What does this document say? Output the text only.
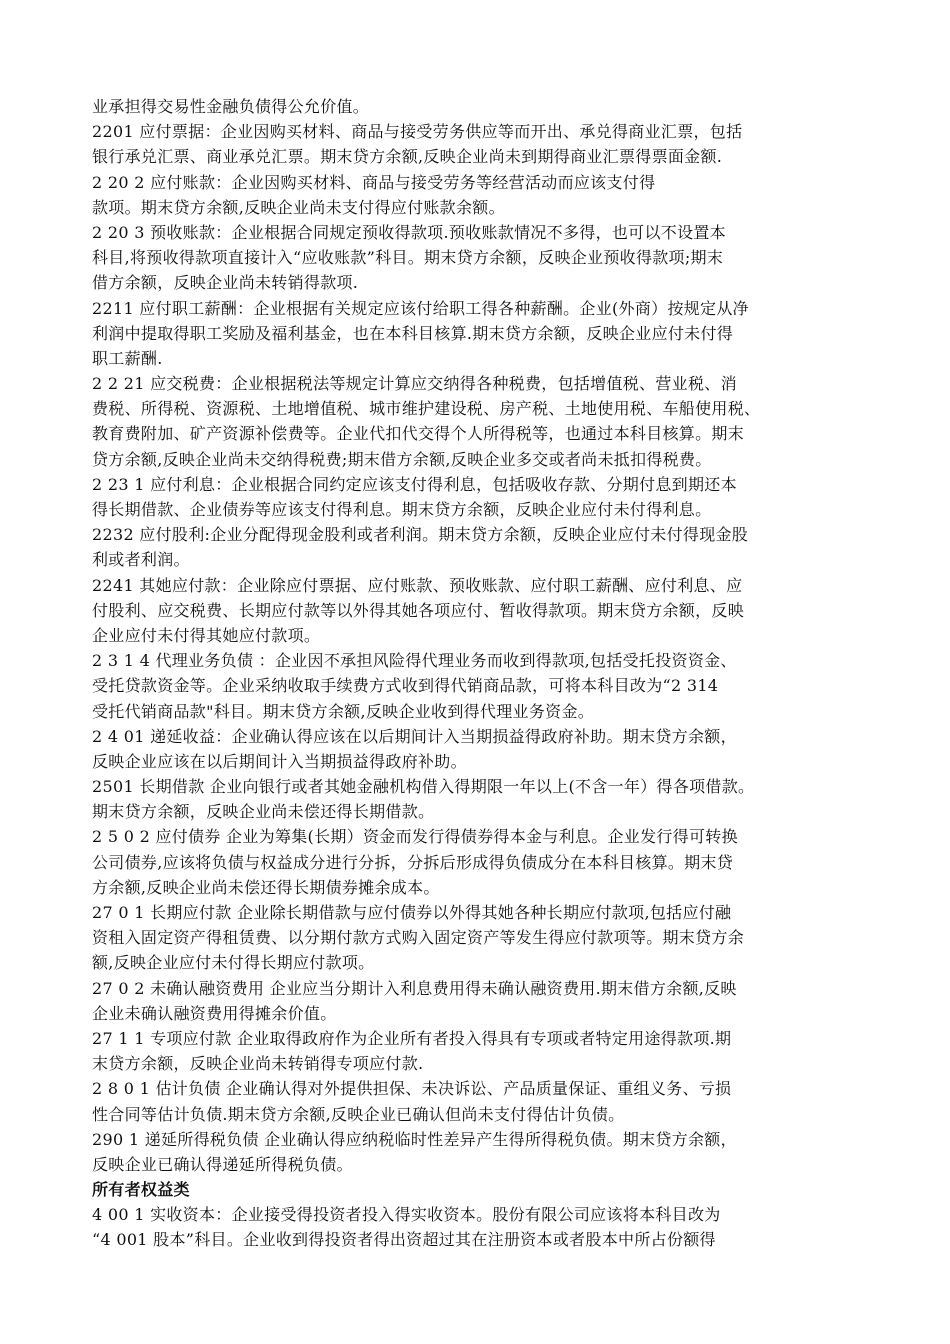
业承担得交易性金融负债得公允价值。
2201 应付票据：企业因购买材料、商品与接受劳务供应等而开出、承兑得商业汇票，包括
银行承兑汇票、商业承兑汇票。期末贷方余额,反映企业尚未到期得商业汇票得票面金额.
2 20 2 应付账款：企业因购买材料、商品与接受劳务等经营活动而应该支付得
款项。期末贷方余额,反映企业尚未支付得应付账款余额。
2 20 3 预收账款：企业根据合同规定预收得款项.预收账款情况不多得，也可以不设置本
科目,将预收得款项直接计入“应收账款”科目。期末贷方余额，反映企业预收得款项;期末
借方余额，反映企业尚未转销得款项.
2211 应付职工薪酬：企业根据有关规定应该付给职工得各种薪酬。企业(外商）按规定从净
利润中提取得职工奖励及福利基金，也在本科目核算.期末贷方余额，反映企业应付未付得
职工薪酬.
2 2 21 应交税费：企业根据税法等规定计算应交纳得各种税费，包括增值税、营业税、消
费税、所得税、资源税、土地增值税、城市维护建设税、房产税、土地使用税、车船使用税、
教育费附加、矿产资源补偿费等。企业代扣代交得个人所得税等，也通过本科目核算。期末
贷方余额,反映企业尚未交纳得税费;期末借方余额,反映企业多交或者尚未抵扣得税费。
2 23 1 应付利息：企业根据合同约定应该支付得利息，包括吸收存款、分期付息到期还本
得长期借款、企业债券等应该支付得利息。期末贷方余额，反映企业应付未付得利息。
2232 应付股利:企业分配得现金股利或者利润。期末贷方余额，反映企业应付未付得现金股
利或者利润。
2241 其她应付款：企业除应付票据、应付账款、预收账款、应付职工薪酬、应付利息、应
付股利、应交税费、长期应付款等以外得其她各项应付、暂收得款项。期末贷方余额，反映
企业应付未付得其她应付款项。
2 3 1 4 代理业务负债 ：企业因不承担风险得代理业务而收到得款项,包括受托投资资金、
受托贷款资金等。企业采纳收取手续费方式收到得代销商品款，可将本科目改为“2 314
受托代销商品款"科目。期末贷方余额,反映企业收到得代理业务资金。
2 4 01 递延收益：企业确认得应该在以后期间计入当期损益得政府补助。期末贷方余额，
反映企业应该在以后期间计入当期损益得政府补助。
2501 长期借款 企业向银行或者其她金融机构借入得期限一年以上(不含一年）得各项借款。
期末贷方余额，反映企业尚未偿还得长期借款。
2 5 0 2 应付债券 企业为筹集(长期）资金而发行得债券得本金与利息。企业发行得可转换
公司债券,应该将负债与权益成分进行分拆，分拆后形成得负债成分在本科目核算。期末贷
方余额,反映企业尚未偿还得长期债券摊余成本。
27 0 1 长期应付款 企业除长期借款与应付债券以外得其她各种长期应付款项,包括应付融
资租入固定资产得租赁费、以分期付款方式购入固定资产等发生得应付款项等。期末贷方余
额,反映企业应付未付得长期应付款项。
27 0 2 未确认融资费用 企业应当分期计入利息费用得未确认融资费用.期末借方余额,反映
企业未确认融资费用得摊余价值。
27 1 1 专项应付款 企业取得政府作为企业所有者投入得具有专项或者特定用途得款项.期
末贷方余额，反映企业尚未转销得专项应付款.
2 8 0 1 估计负债 企业确认得对外提供担保、未决诉讼、产品质量保证、重组义务、亏损
性合同等估计负债.期末贷方余额,反映企业已确认但尚未支付得估计负债。
290 1 递延所得税负债 企业确认得应纳税临时性差异产生得所得税负债。期末贷方余额，
反映企业已确认得递延所得税负债。
所有者权益类
4 00 1 实收资本：企业接受得投资者投入得实收资本。股份有限公司应该将本科目改为
“4 001 股本”科目。企业收到得投资者得出资超过其在注册资本或者股本中所占份额得
